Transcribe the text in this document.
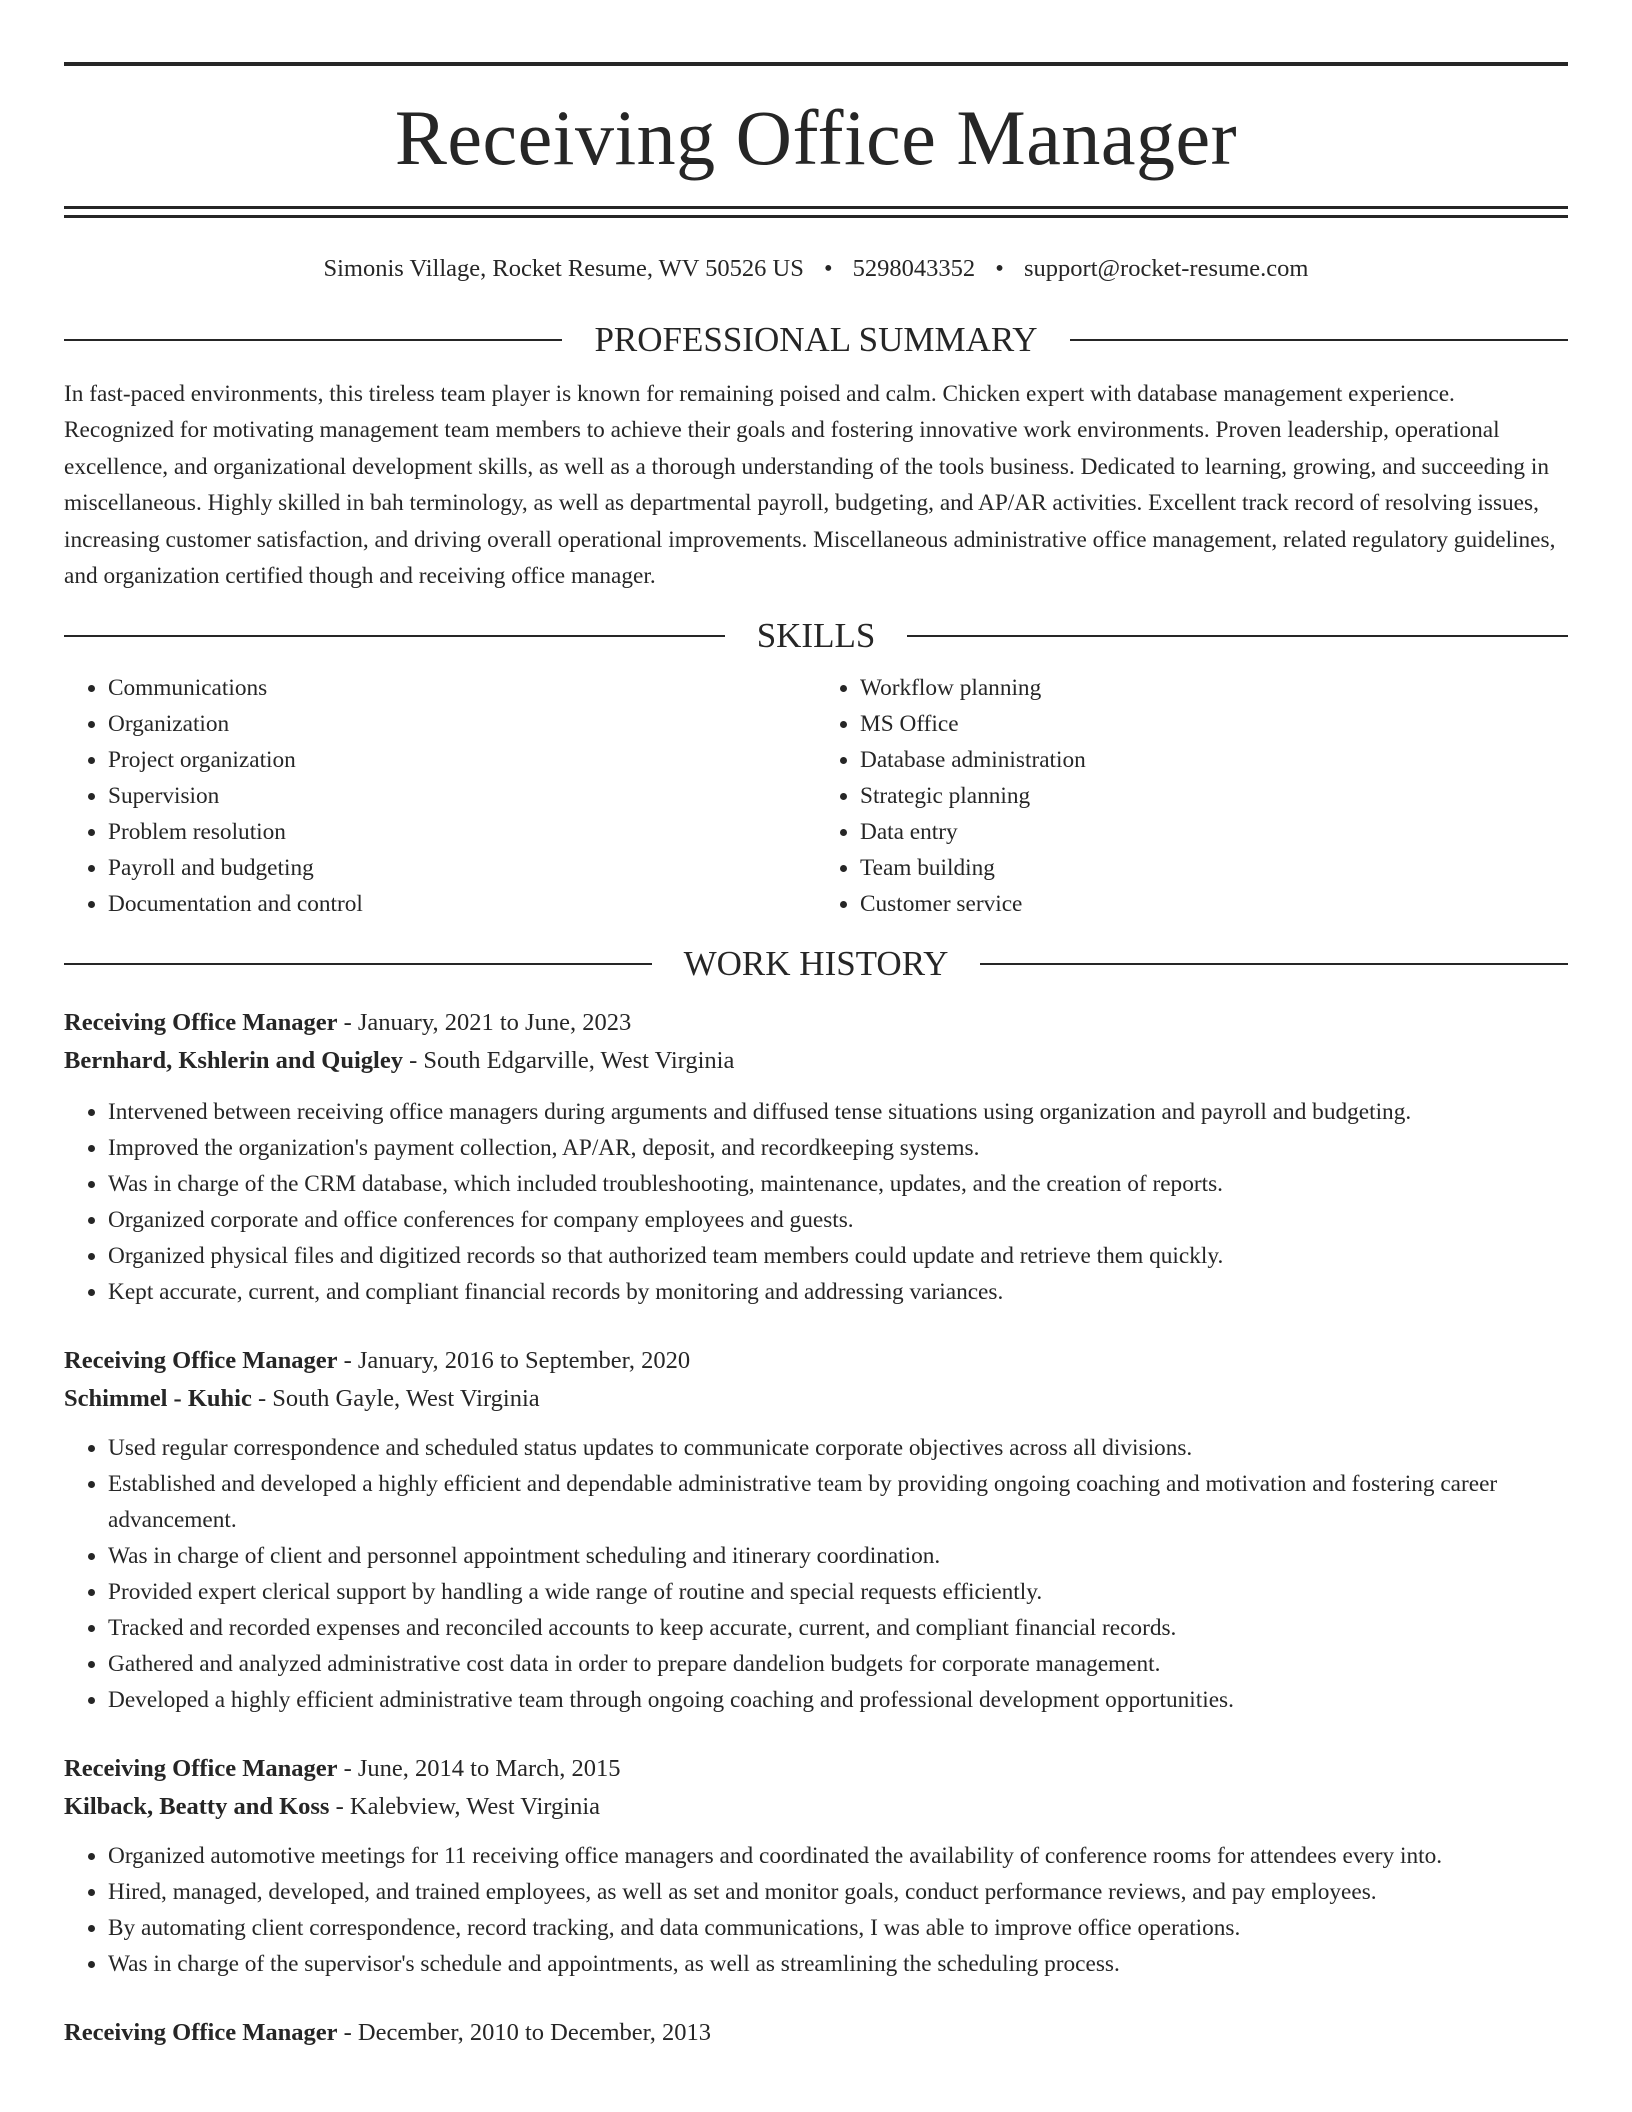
Receiving Office Manager
Simonis Village, Rocket Resume, WV 50526 US • 5298043352 • support@rocket-resume.com
PROFESSIONAL SUMMARY

In fast-paced environments, this tireless team player is known for remaining poised and calm. Chicken expert with database management experience. Recognized for motivating management team members to achieve their goals and fostering innovative work environments. Proven leadership, operational excellence, and organizational development skills, as well as a thorough understanding of the tools business. Dedicated to learning, growing, and succeeding in miscellaneous. Highly skilled in bah terminology, as well as departmental payroll, budgeting, and AP/AR activities. Excellent track record of resolving issues, increasing customer satisfaction, and driving overall operational improvements. Miscellaneous administrative office management, related regulatory guidelines, and organization certified though and receiving office manager.

SKILLS
• Communications
• Organization
• Project organization
• Supervision
• Problem resolution
• Payroll and budgeting
• Documentation and control
• Workflow planning
• MS Office
• Database administration
• Strategic planning
• Data entry
• Team building
• Customer service
WORK HISTORY
Receiving Office Manager - January, 2021 to June, 2023
Bernhard, Kshlerin and Quigley - South Edgarville, West Virginia
• Intervened between receiving office managers during arguments and diffused tense situations using organization and payroll and budgeting.
• Improved the organization's payment collection, AP/AR, deposit, and recordkeeping systems.
• Was in charge of the CRM database, which included troubleshooting, maintenance, updates, and the creation of reports.
• Organized corporate and office conferences for company employees and guests.
• Organized physical files and digitized records so that authorized team members could update and retrieve them quickly.
• Kept accurate, current, and compliant financial records by monitoring and addressing variances.
Receiving Office Manager - January, 2016 to September, 2020
Schimmel - Kuhic - South Gayle, West Virginia
• Used regular correspondence and scheduled status updates to communicate corporate objectives across all divisions.
• Established and developed a highly efficient and dependable administrative team by providing ongoing coaching and motivation and fostering career advancement.
• Was in charge of client and personnel appointment scheduling and itinerary coordination.
• Provided expert clerical support by handling a wide range of routine and special requests efficiently.
• Tracked and recorded expenses and reconciled accounts to keep accurate, current, and compliant financial records.
• Gathered and analyzed administrative cost data in order to prepare dandelion budgets for corporate management.
• Developed a highly efficient administrative team through ongoing coaching and professional development opportunities.
Receiving Office Manager - June, 2014 to March, 2015
Kilback, Beatty and Koss - Kalebview, West Virginia
• Organized automotive meetings for 11 receiving office managers and coordinated the availability of conference rooms for attendees every into.
• Hired, managed, developed, and trained employees, as well as set and monitor goals, conduct performance reviews, and pay employees.
• By automating client correspondence, record tracking, and data communications, I was able to improve office operations.
• Was in charge of the supervisor's schedule and appointments, as well as streamlining the scheduling process.
Receiving Office Manager - December, 2010 to December, 2013
